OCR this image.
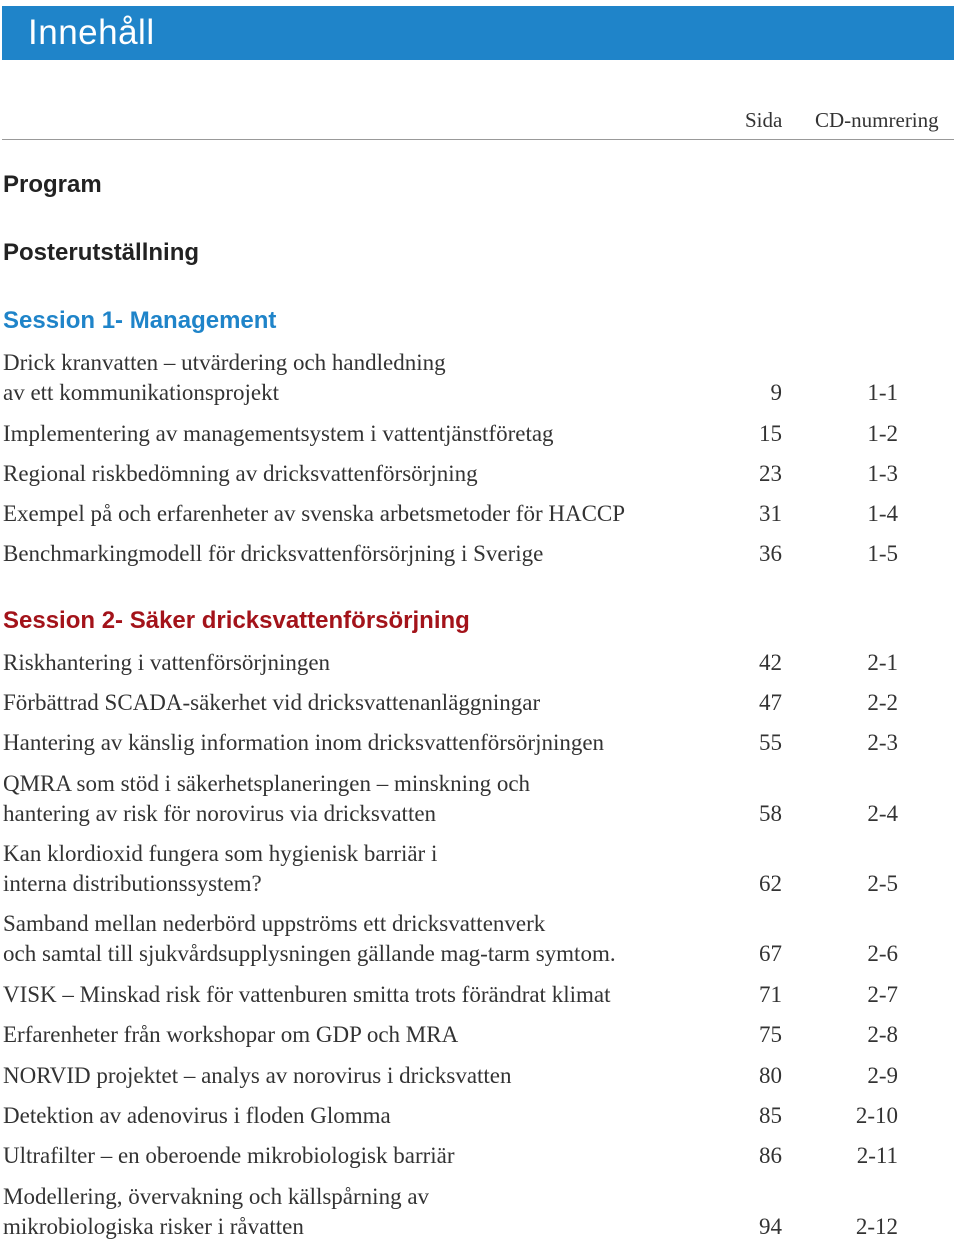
Innehåll
Sida CD-numrering
Program
Posterutställning
Session 1- Management
Drick kranvatten – utvärdering och handledning
av ett kommunikationsprojekt	9	1-1
Implementering av managementsystem i vattentjänstföretag	15	1-2
Regional riskbedömning av dricksvattenförsörjning	23	1-3
Exempel på och erfarenheter av svenska arbetsmetoder för HACCP	31	1-4
Benchmarkingmodell för dricksvattenförsörjning i Sverige	36	1-5
Session 2- Säker dricksvattenförsörjning
Riskhantering i vattenförsörjningen	42	2-1
Förbättrad SCADA-säkerhet vid dricksvattenanläggningar	47	2-2
Hantering av känslig information inom dricksvattenförsörjningen	55	2-3
QMRA som stöd i säkerhetsplaneringen – minskning och
hantering av risk för norovirus via dricksvatten	58	2-4
Kan klordioxid fungera som hygienisk barriär i
interna distributionssystem?	62	2-5
Samband mellan nederbörd uppströms ett dricksvattenverk
och samtal till sjukvårdsupplysningen gällande mag-tarm symtom.	67	2-6
VISK – Minskad risk för vattenburen smitta trots förändrat klimat	71	2-7
Erfarenheter från workshopar om GDP och MRA	75	2-8
NORVID projektet – analys av norovirus i dricksvatten	80	2-9
Detektion av adenovirus i floden Glomma	85	2-10
Ultrafilter – en oberoende mikrobiologisk barriär	86	2-11
Modellering, övervakning och källspårning av
mikrobiologiska risker i råvatten	94	2-12
